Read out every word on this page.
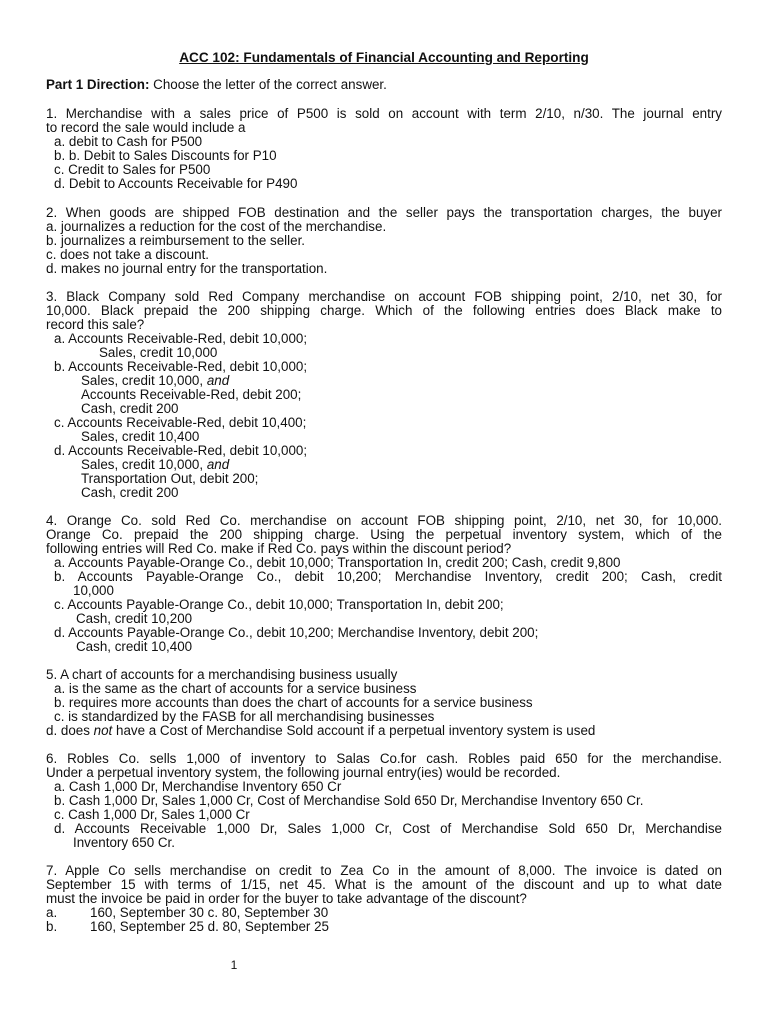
ACC 102: Fundamentals of Financial Accounting and Reporting
Part 1 Direction: Choose the letter of the correct answer.
1. Merchandise with a sales price of P500 is sold on account with term 2/10, n/30. The journal entry
to record the sale would include a
a. debit to Cash for P500
b. b. Debit to Sales Discounts for P10
c. Credit to Sales for P500
d. Debit to Accounts Receivable for P490
2. When goods are shipped FOB destination and the seller pays the transportation charges, the buyer
a. journalizes a reduction for the cost of the merchandise.
b. journalizes a reimbursement to the seller.
c. does not take a discount.
d. makes no journal entry for the transportation.
3. Black Company sold Red Company merchandise on account FOB shipping point, 2/10, net 30, for
10,000. Black prepaid the 200 shipping charge. Which of the following entries does Black make to
record this sale?
a. Accounts Receivable-Red, debit 10,000;
Sales, credit 10,000
b. Accounts Receivable-Red, debit 10,000;
Sales, credit 10,000, and
Accounts Receivable-Red, debit 200;
Cash, credit 200
c. Accounts Receivable-Red, debit 10,400;
Sales, credit 10,400
d. Accounts Receivable-Red, debit 10,000;
Sales, credit 10,000, and
Transportation Out, debit 200;
Cash, credit 200
4. Orange Co. sold Red Co. merchandise on account FOB shipping point, 2/10, net 30, for 10,000.
Orange Co. prepaid the 200 shipping charge. Using the perpetual inventory system, which of the
following entries will Red Co. make if Red Co. pays within the discount period?
a. Accounts Payable-Orange Co., debit 10,000; Transportation In, credit 200; Cash, credit 9,800
b. Accounts Payable-Orange Co., debit 10,200; Merchandise Inventory, credit 200; Cash, credit
10,000
c. Accounts Payable-Orange Co., debit 10,000; Transportation In, debit 200;
Cash, credit 10,200
d. Accounts Payable-Orange Co., debit 10,200; Merchandise Inventory, debit 200;
Cash, credit 10,400
5. A chart of accounts for a merchandising business usually
a. is the same as the chart of accounts for a service business
b. requires more accounts than does the chart of accounts for a service business
c. is standardized by the FASB for all merchandising businesses
d. does not have a Cost of Merchandise Sold account if a perpetual inventory system is used
6. Robles Co. sells 1,000 of inventory to Salas Co.for cash. Robles paid 650 for the merchandise.
Under a perpetual inventory system, the following journal entry(ies) would be recorded.
a. Cash 1,000 Dr, Merchandise Inventory 650 Cr
b. Cash 1,000 Dr, Sales 1,000 Cr, Cost of Merchandise Sold 650 Dr, Merchandise Inventory 650 Cr.
c. Cash 1,000 Dr, Sales 1,000 Cr
d. Accounts Receivable 1,000 Dr, Sales 1,000 Cr, Cost of Merchandise Sold 650 Dr, Merchandise
Inventory 650 Cr.
7. Apple Co sells merchandise on credit to Zea Co in the amount of 8,000. The invoice is dated on
September 15 with terms of 1/15, net 45. What is the amount of the discount and up to what date
must the invoice be paid in order for the buyer to take advantage of the discount?
a. 160, September 30 c. 80, September 30
b. 160, September 25 d. 80, September 25
1
